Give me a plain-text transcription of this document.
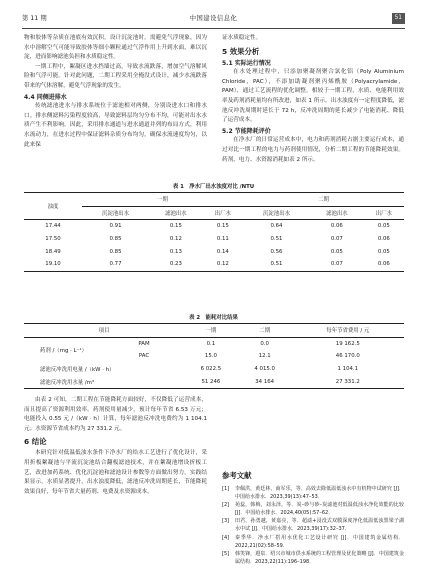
第 11 期	中国建设信息化	51

物和胶体等杂质在池底有效沉积。设计沉淀池时，需避免气浮现象，因为水中溶解空气可能导致胶体等细小颗粒通过气浮作用上升到水面，难以沉淀，进而影响滤池负担和水质稳定性。

一期工程中，絮凝区进水挡墙过高，导致水流跌落，增加空气溶解风险和气浮可能。针对此问题，二期工程采用全掩没式设计，减少水流跌落带来的气体溶解，避免气浮现象的发生。

4.4 同侧进排水

传统滤池进水与排水系统位于滤池相对两侧，分别设进水口和排水口。排水侧滤料污染程度较高，导致滤料层均匀分布不均，可能对出水水质产生不利影响。因此，采用排水通道与进水通道并列的布局方式，利用水流动力，在进水过程中保证滤料杂质分布均匀，确保水流速度均匀，以此来保

证水质稳定性。

5 效果分析
5.1 实际运行情况

在水处理过程中，只添加聚凝剂聚合氯化铝（Poly Aluminium Chloride，PAC），不添加助凝剂聚丙烯酰胺（Polyacrylamide，PAM），通过工艺流程的优化调整。相较于一期工程，水质、电能利用效率及药剂消耗量均有所改进，如表 1 所示。出水浊度有一定程度降低，滤池反冲洗周期时延长于 72 h，反冲洗周期的延长减少了电能消耗、降低了运营成本。

5.2 节能降耗评价

在净水厂的日常运营成本中，电力和药剂消耗占据主要运行成本，通过对比一期工程的电力与药剂使用情况，分析二期工程的节能降耗效果。药剂、电力、水资源消耗如表 2 所示。

表 1　净水厂出水浊度对比 /NTU
浊度	一期			二期		
	沉淀池出水	滤池出水	出厂水	沉淀池出水	滤池出水	出厂水
17.44	0.91	0.15	0.15	0.64	0.06	0.05
17.50	0.85	0.12	0.11	0.51	0.07	0.06
18.49	0.85	0.13	0.14	0.56	0.05	0.05
19.10	0.77	0.23	0.12	0.51	0.07	0.06
表 2　能耗对比结果
项目		一期	二期	每年节省费用 / 元
药剂 /（mg · L⁻¹）	PAM	0.1	0.0	19 162.5
	PAC	15.0	12.1	46 170.0
滤池反冲洗用电量 /（kW · h）		6 022.5	4 015.0	1 104.1
滤池反冲洗用水量 /m³		51 246	34 164	27 331.2

由表 2 可知，二期工程在节能降耗方面较好，不仅降低了运营成本，而且提高了资源利用效率。药剂使用量减少，预计每年节省 6.53 万元；电能投入 0.55 元 /（kW · h）计算，每年滤池反冲洗电费约为 1 104.1 元；水资源节省成本约为 27 331.2 元。

6 结论

本研究针对低温低浊水条件下净水厂的给水工艺进行了优化设计，采用折板絮凝池与平流沉淀池结合翻板滤池技术，并在絮凝池增设折板工艺，改进加药系统、优化沉淀池和滤池设计参数等方面做出努力。实践结果显示，水质显著提升，出水浊度降低，滤池反冲洗周期延长，节能降耗效果良好，每年节省大量药剂、电费及水资源成本。

参考文献

[1]	李佩洪，黄廷林，商军乐，等．高效去除低温低浊水中有机物中试研究 [J]．中国给水排水．2023,39(13):47–53．

[2]	苑蕊，韩梅，刘永泽，等．炭–砂与砂–炭滤池对低温低浊水净化效能的比较 [J]．中国给水排水．2024,40(05):57–62．

[3]	田君，孙勇越，黄嘉亮，等．超滤+浸没式双膜深度净化低温低浊黑梁子湖水中试 [J]．中国给水排水．2023,39(17):32–37．

[4]	秦季华．净水厂搭用水优化工艺设计研究 [J]．中国建筑金属结构．2022,21(02):58–59．

[5]	韩笑锋，遐泉．绍兴市城市供水系统的工程管理及优化策略 [J]．中国建筑金属结构．2023,22(11):196–198．
